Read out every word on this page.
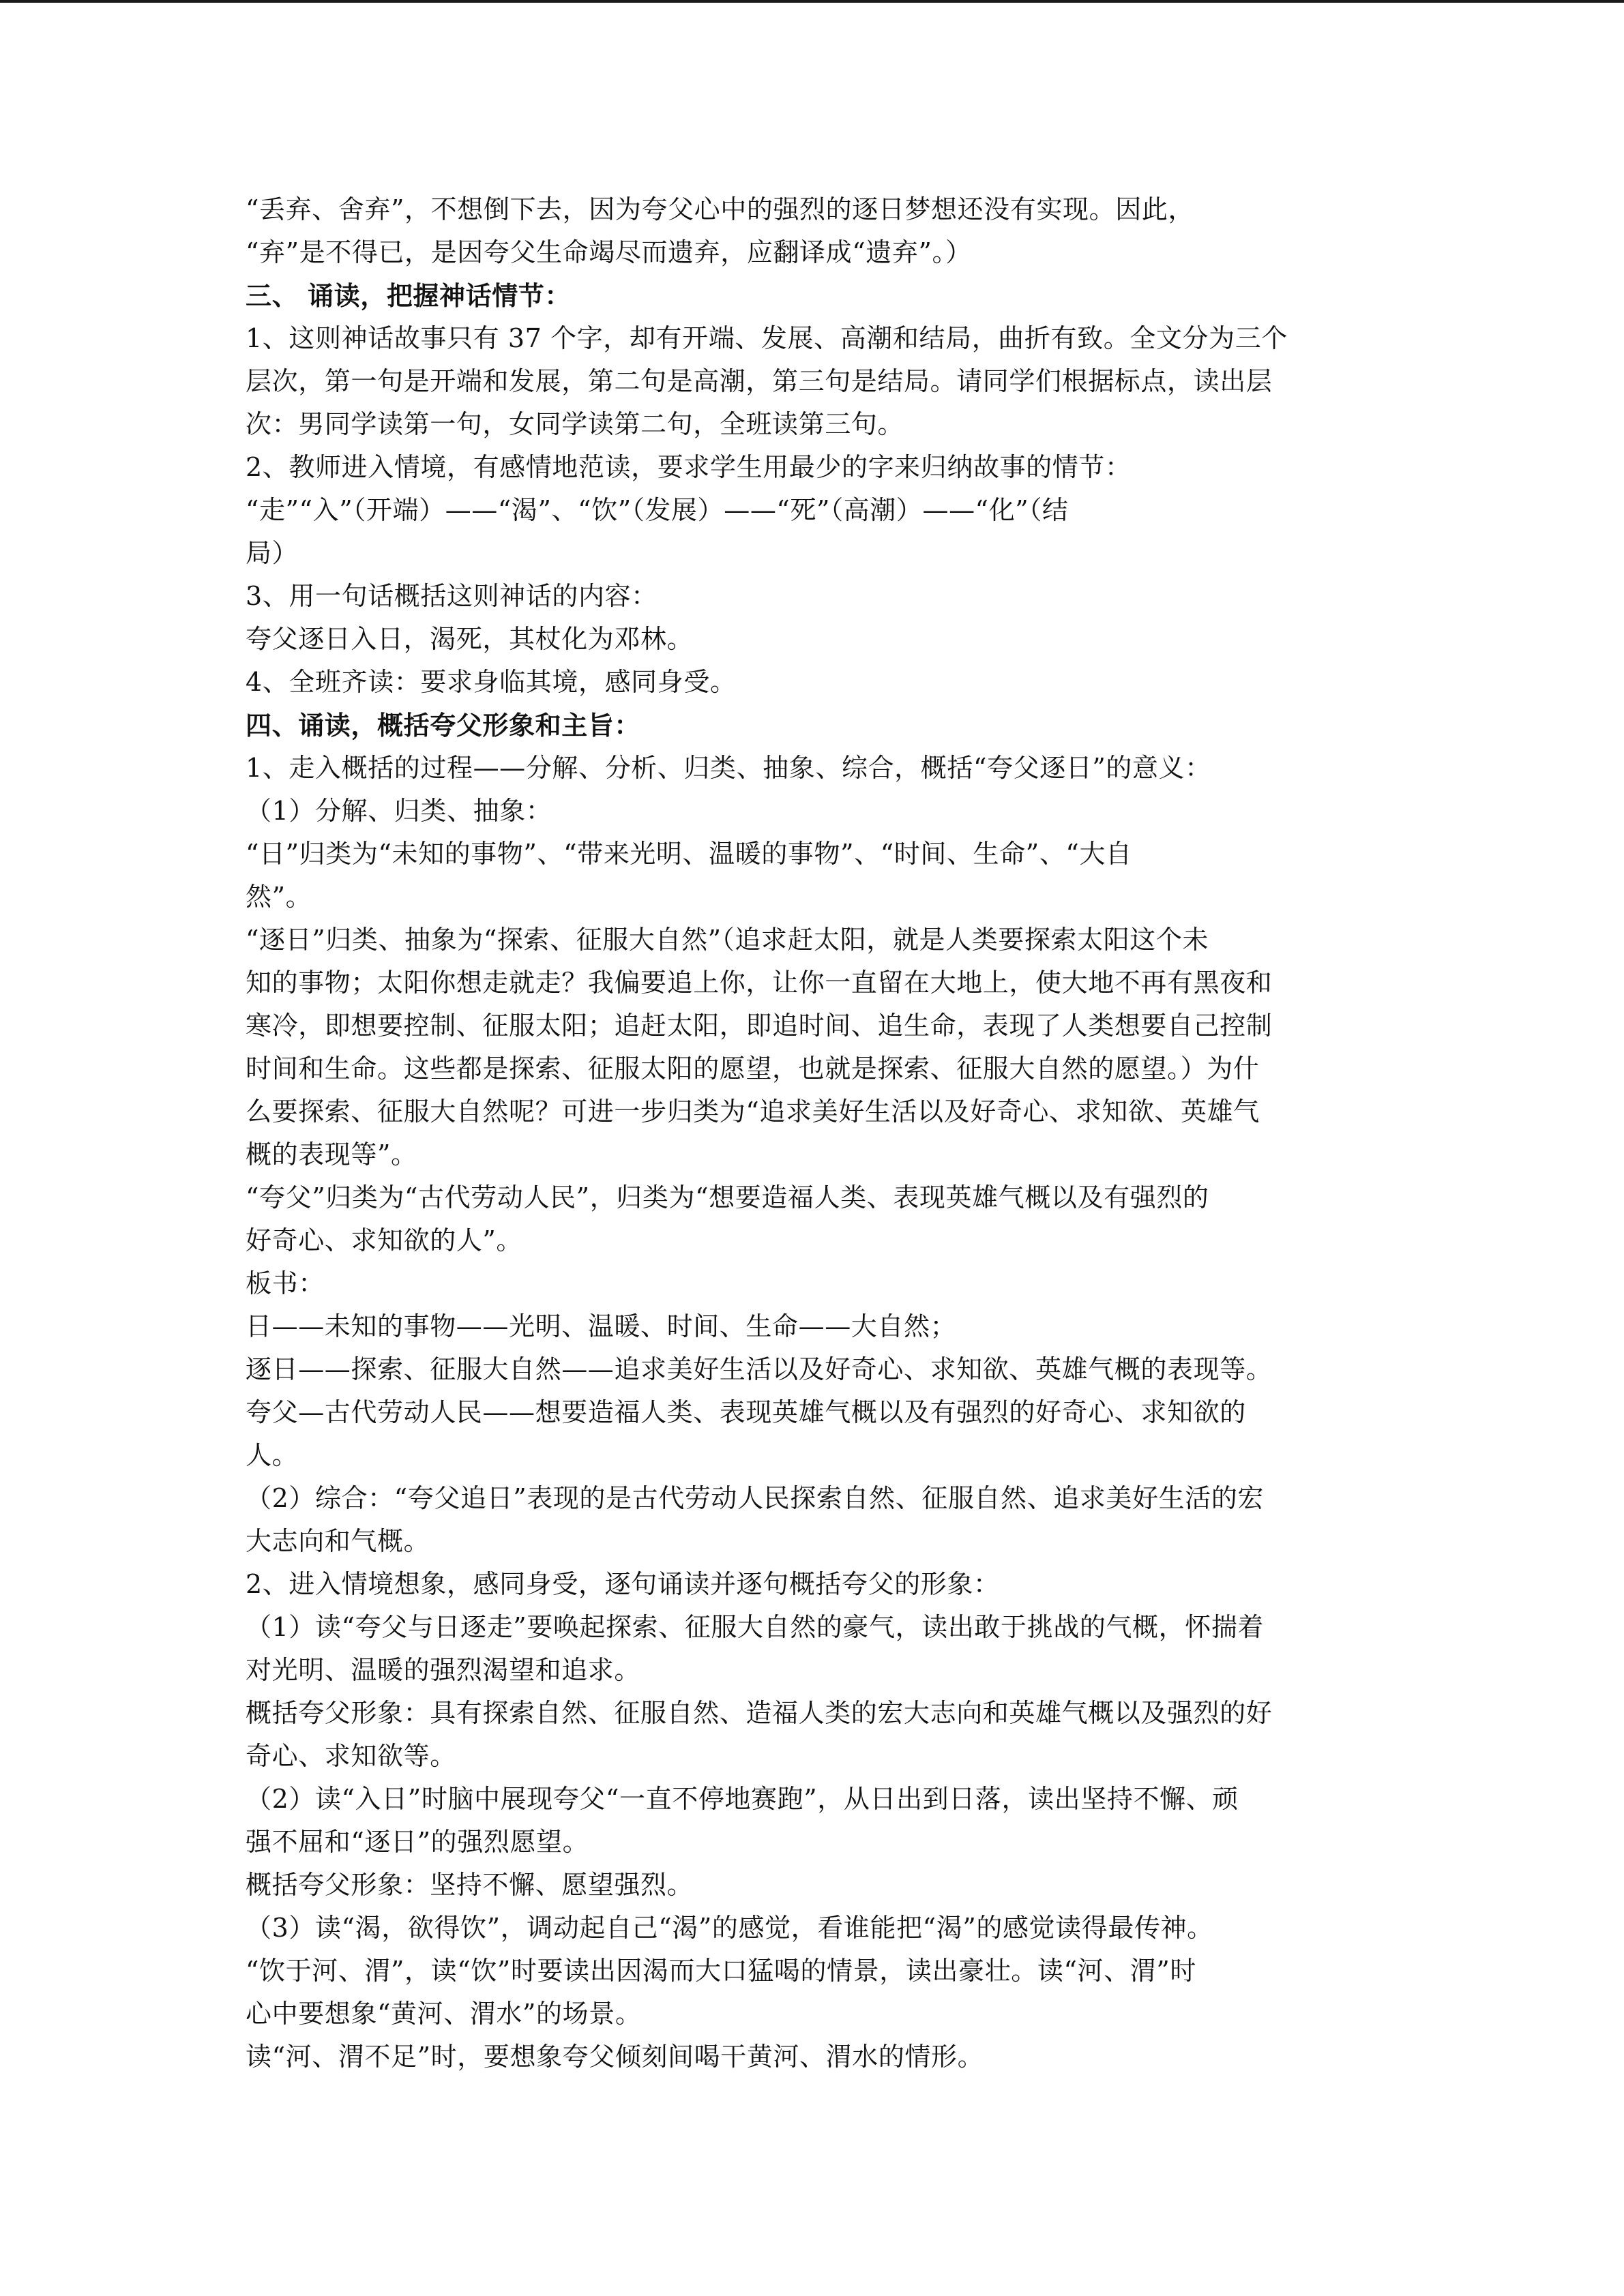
“丢弃、舍弃”，不想倒下去，因为夸父心中的强烈的逐日梦想还没有实现。因此，
“弃”是不得已，是因夸父生命竭尽而遗弃，应翻译成“遗弃”。）
三、 诵读，把握神话情节：
1、这则神话故事只有 37 个字，却有开端、发展、高潮和结局，曲折有致。全文分为三个
层次，第一句是开端和发展，第二句是高潮，第三句是结局。请同学们根据标点，读出层
次：男同学读第一句，女同学读第二句，全班读第三句。
2、教师进入情境，有感情地范读，要求学生用最少的字来归纳故事的情节：
“走”“入”（开端）——“渴”、“饮”（发展）——“死”（高潮）——“化”（结
局）
3、用一句话概括这则神话的内容：
夸父逐日入日，渴死，其杖化为邓林。
4、全班齐读：要求身临其境，感同身受。
四、诵读，概括夸父形象和主旨：
1、走入概括的过程——分解、分析、归类、抽象、综合，概括“夸父逐日”的意义：
（1）分解、归类、抽象：
“日”归类为“未知的事物”、“带来光明、温暖的事物”、“时间、生命”、“大自
然”。
“逐日”归类、抽象为“探索、征服大自然”（追求赶太阳，就是人类要探索太阳这个未
知的事物；太阳你想走就走？我偏要追上你，让你一直留在大地上，使大地不再有黑夜和
寒冷，即想要控制、征服太阳；追赶太阳，即追时间、追生命，表现了人类想要自己控制
时间和生命。这些都是探索、征服太阳的愿望，也就是探索、征服大自然的愿望。）为什
么要探索、征服大自然呢？可进一步归类为“追求美好生活以及好奇心、求知欲、英雄气
概的表现等”。
“夸父”归类为“古代劳动人民”，归类为“想要造福人类、表现英雄气概以及有强烈的
好奇心、求知欲的人”。
板书：
日——未知的事物——光明、温暖、时间、生命——大自然；
逐日——探索、征服大自然——追求美好生活以及好奇心、求知欲、英雄气概的表现等。
夸父—古代劳动人民——想要造福人类、表现英雄气概以及有强烈的好奇心、求知欲的
人。
（2）综合：“夸父追日”表现的是古代劳动人民探索自然、征服自然、追求美好生活的宏
大志向和气概。
2、进入情境想象，感同身受，逐句诵读并逐句概括夸父的形象：
（1）读“夸父与日逐走”要唤起探索、征服大自然的豪气，读出敢于挑战的气概，怀揣着
对光明、温暖的强烈渴望和追求。
概括夸父形象：具有探索自然、征服自然、造福人类的宏大志向和英雄气概以及强烈的好
奇心、求知欲等。
（2）读“入日”时脑中展现夸父“一直不停地赛跑”，从日出到日落，读出坚持不懈、顽
强不屈和“逐日”的强烈愿望。
概括夸父形象：坚持不懈、愿望强烈。
（3）读“渴，欲得饮”，调动起自己“渴”的感觉，看谁能把“渴”的感觉读得最传神。
“饮于河、渭”，读“饮”时要读出因渴而大口猛喝的情景，读出豪壮。读“河、渭”时
心中要想象“黄河、渭水”的场景。
读“河、渭不足”时，要想象夸父倾刻间喝干黄河、渭水的情形。
